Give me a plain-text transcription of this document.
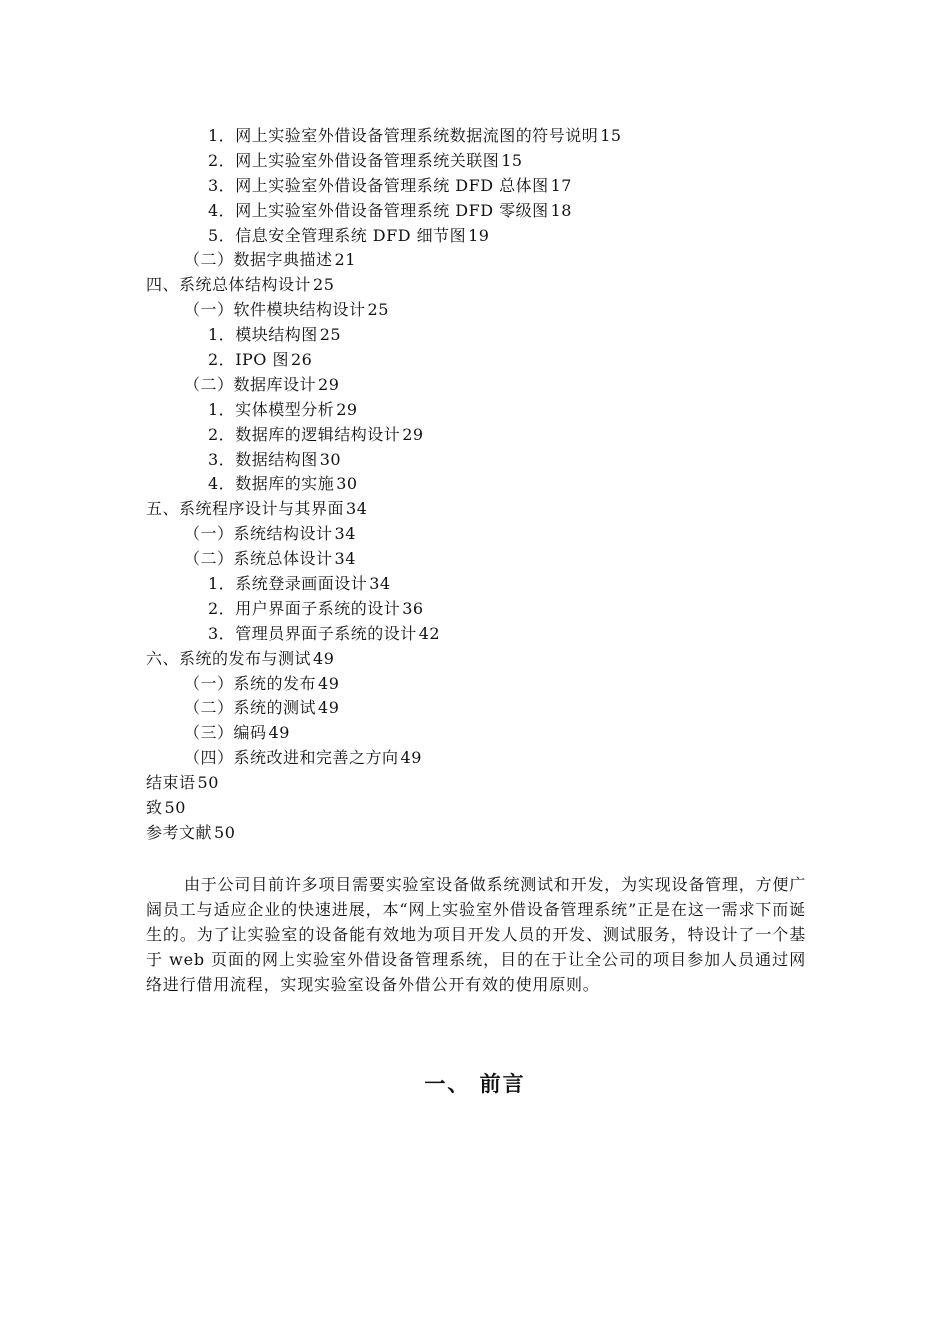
1．网上实验室外借设备管理系统数据流图的符号说明 15
2．网上实验室外借设备管理系统关联图 15
3．网上实验室外借设备管理系统 DFD 总体图 17
4．网上实验室外借设备管理系统 DFD 零级图 18
5．信息安全管理系统 DFD 细节图 19
（二）数据字典描述 21
四、系统总体结构设计 25
（一）软件模块结构设计 25
1．模块结构图 25
2．IPO 图 26
（二）数据库设计 29
1．实体模型分析 29
2．数据库的逻辑结构设计 29
3．数据结构图 30
4．数据库的实施 30
五、系统程序设计与其界面 34
（一）系统结构设计 34
（二）系统总体设计 34
1．系统登录画面设计 34
2．用户界面子系统的设计 36
3．管理员界面子系统的设计 42
六、系统的发布与测试 49
（一）系统的发布 49
（二）系统的测试 49
（三）编码 49
（四）系统改进和完善之方向 49
结束语 50
致 50
参考文献 50

由于公司目前许多项目需要实验室设备做系统测试和开发，为实现设备管理，方便广阔员工与适应企业的快速进展，本“网上实验室外借设备管理系统”正是在这一需求下而诞生的。为了让实验室的设备能有效地为项目开发人员的开发、测试服务，特设计了一个基于 web 页面的网上实验室外借设备管理系统，目的在于让全公司的项目参加人员通过网络进行借用流程，实现实验室设备外借公开有效的使用原则。

一、 前言
